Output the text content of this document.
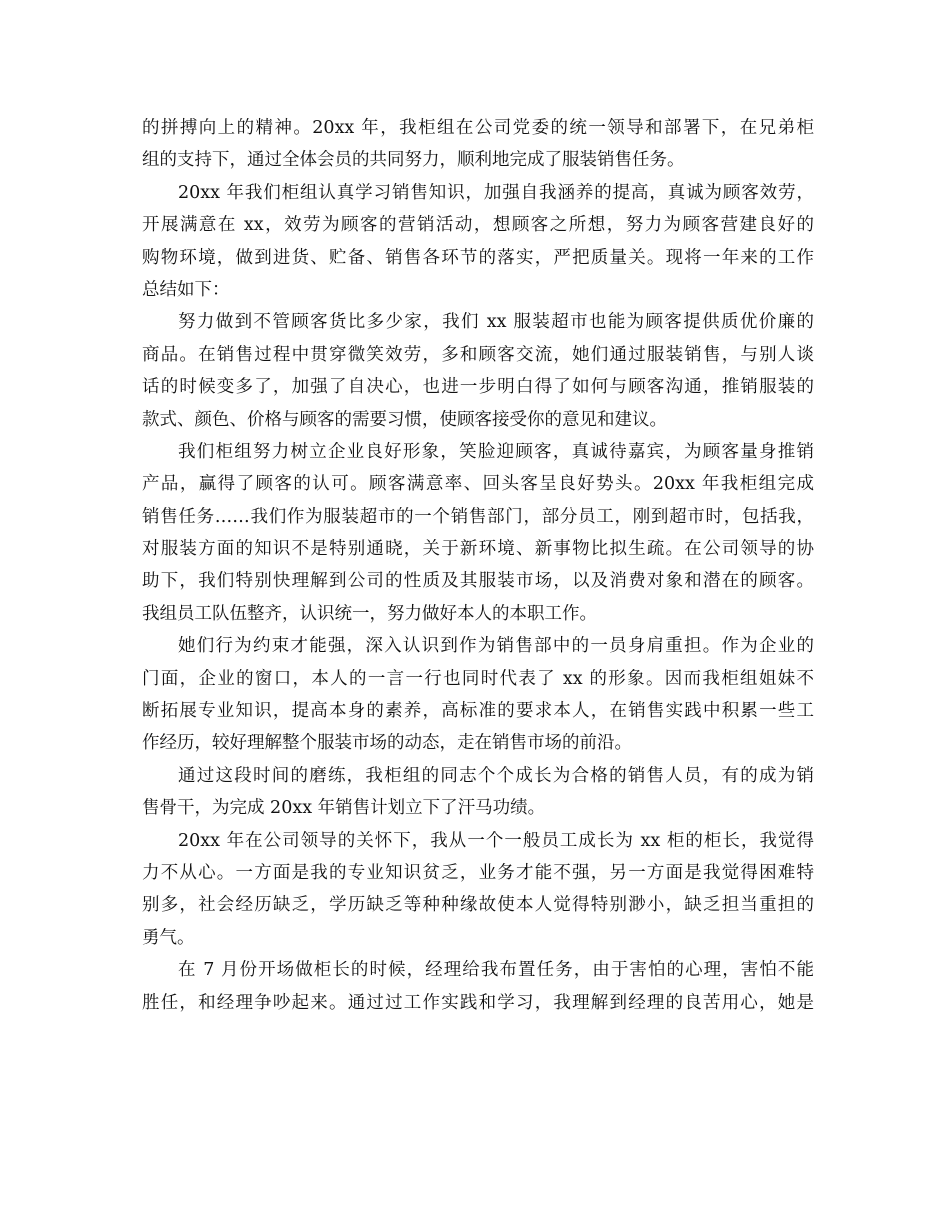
的拼搏向上的精神。20xx 年，我柜组在公司党委的统一领导和部署下，在兄弟柜
组的支持下，通过全体会员的共同努力，顺利地完成了服装销售任务。
20xx 年我们柜组认真学习销售知识，加强自我涵养的提高，真诚为顾客效劳，
开展满意在 xx，效劳为顾客的营销活动，想顾客之所想，努力为顾客营建良好的
购物环境，做到进货、贮备、销售各环节的落实，严把质量关。现将一年来的工作
总结如下：
努力做到不管顾客货比多少家，我们 xx 服装超市也能为顾客提供质优价廉的
商品。在销售过程中贯穿微笑效劳，多和顾客交流，她们通过服装销售，与别人谈
话的时候变多了，加强了自决心，也进一步明白得了如何与顾客沟通，推销服装的
款式、颜色、价格与顾客的需要习惯，使顾客接受你的意见和建议。
我们柜组努力树立企业良好形象，笑脸迎顾客，真诚待嘉宾，为顾客量身推销
产品，赢得了顾客的认可。顾客满意率、回头客呈良好势头。20xx 年我柜组完成
销售任务……我们作为服装超市的一个销售部门，部分员工，刚到超市时，包括我，
对服装方面的知识不是特别通晓，关于新环境、新事物比拟生疏。在公司领导的协
助下，我们特别快理解到公司的性质及其服装市场，以及消费对象和潜在的顾客。
我组员工队伍整齐，认识统一，努力做好本人的本职工作。
她们行为约束才能强，深入认识到作为销售部中的一员身肩重担。作为企业的
门面，企业的窗口，本人的一言一行也同时代表了 xx 的形象。因而我柜组姐妹不
断拓展专业知识，提高本身的素养，高标准的要求本人，在销售实践中积累一些工
作经历，较好理解整个服装市场的动态，走在销售市场的前沿。
通过这段时间的磨练，我柜组的同志个个成长为合格的销售人员，有的成为销
售骨干，为完成 20xx 年销售计划立下了汗马功绩。
20xx 年在公司领导的关怀下，我从一个一般员工成长为 xx 柜的柜长，我觉得
力不从心。一方面是我的专业知识贫乏，业务才能不强，另一方面是我觉得困难特
别多，社会经历缺乏，学历缺乏等种种缘故使本人觉得特别渺小，缺乏担当重担的
勇气。
在 7 月份开场做柜长的时候，经理给我布置任务，由于害怕的心理，害怕不能
胜任，和经理争吵起来。通过过工作实践和学习，我理解到经理的良苦用心，她是
